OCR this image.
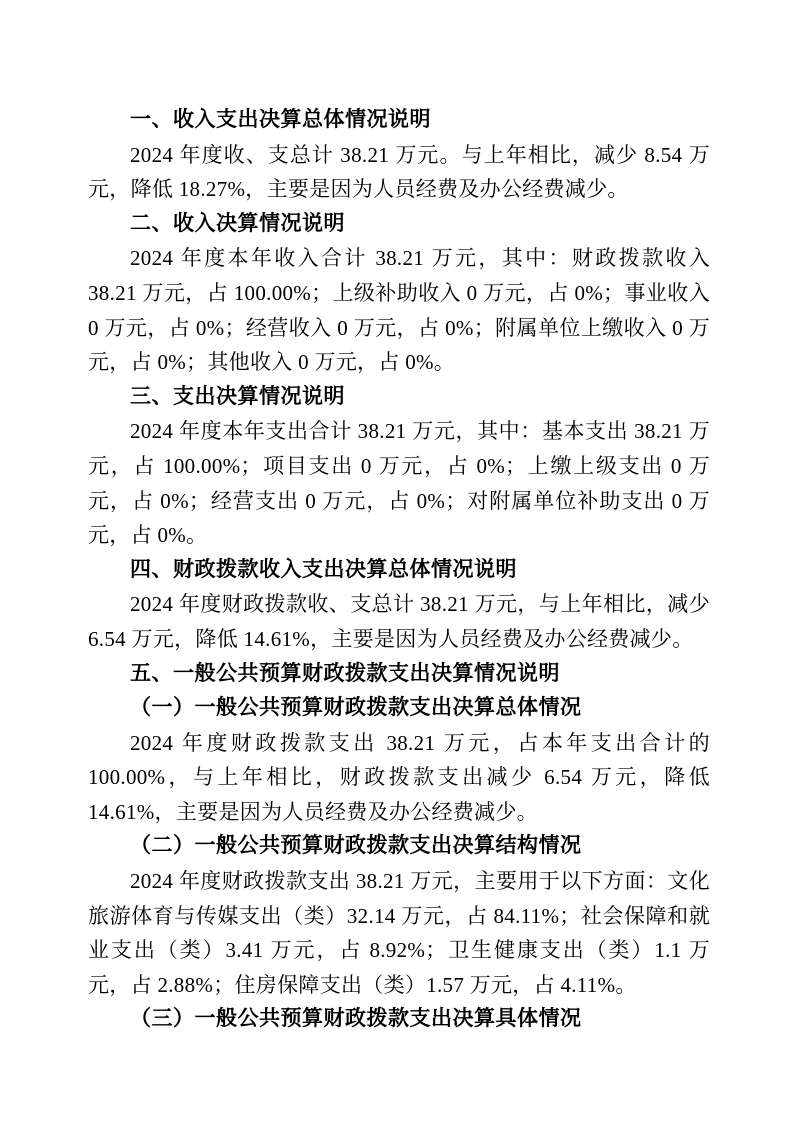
一、收入支出决算总体情况说明
2024 年度收、支总计 38.21 万元。与上年相比，减少 8.54 万元，降低 18.27%，主要是因为人员经费及办公经费减少。
二、收入决算情况说明
2024 年度本年收入合计 38.21 万元，其中：财政拨款收入 38.21 万元，占 100.00%；上级补助收入 0 万元，占 0%；事业收入 0 万元，占 0%；经营收入 0 万元，占 0%；附属单位上缴收入 0 万元，占 0%；其他收入 0 万元，占 0%。
三、支出决算情况说明
2024 年度本年支出合计 38.21 万元，其中：基本支出 38.21 万元，占 100.00%；项目支出 0 万元，占 0%；上缴上级支出 0 万元，占 0%；经营支出 0 万元，占 0%；对附属单位补助支出 0 万元，占 0%。
四、财政拨款收入支出决算总体情况说明
2024 年度财政拨款收、支总计 38.21 万元，与上年相比，减少 6.54 万元，降低 14.61%，主要是因为人员经费及办公经费减少。
五、一般公共预算财政拨款支出决算情况说明
（一）一般公共预算财政拨款支出决算总体情况
2024 年度财政拨款支出 38.21 万元，占本年支出合计的 100.00%，与上年相比，财政拨款支出减少 6.54 万元，降低 14.61%，主要是因为人员经费及办公经费减少。
（二）一般公共预算财政拨款支出决算结构情况
2024 年度财政拨款支出 38.21 万元，主要用于以下方面：文化旅游体育与传媒支出（类）32.14 万元，占 84.11%；社会保障和就业支出（类）3.41 万元，占 8.92%；卫生健康支出（类）1.1 万元，占 2.88%；住房保障支出（类）1.57 万元，占 4.11%。
（三）一般公共预算财政拨款支出决算具体情况
